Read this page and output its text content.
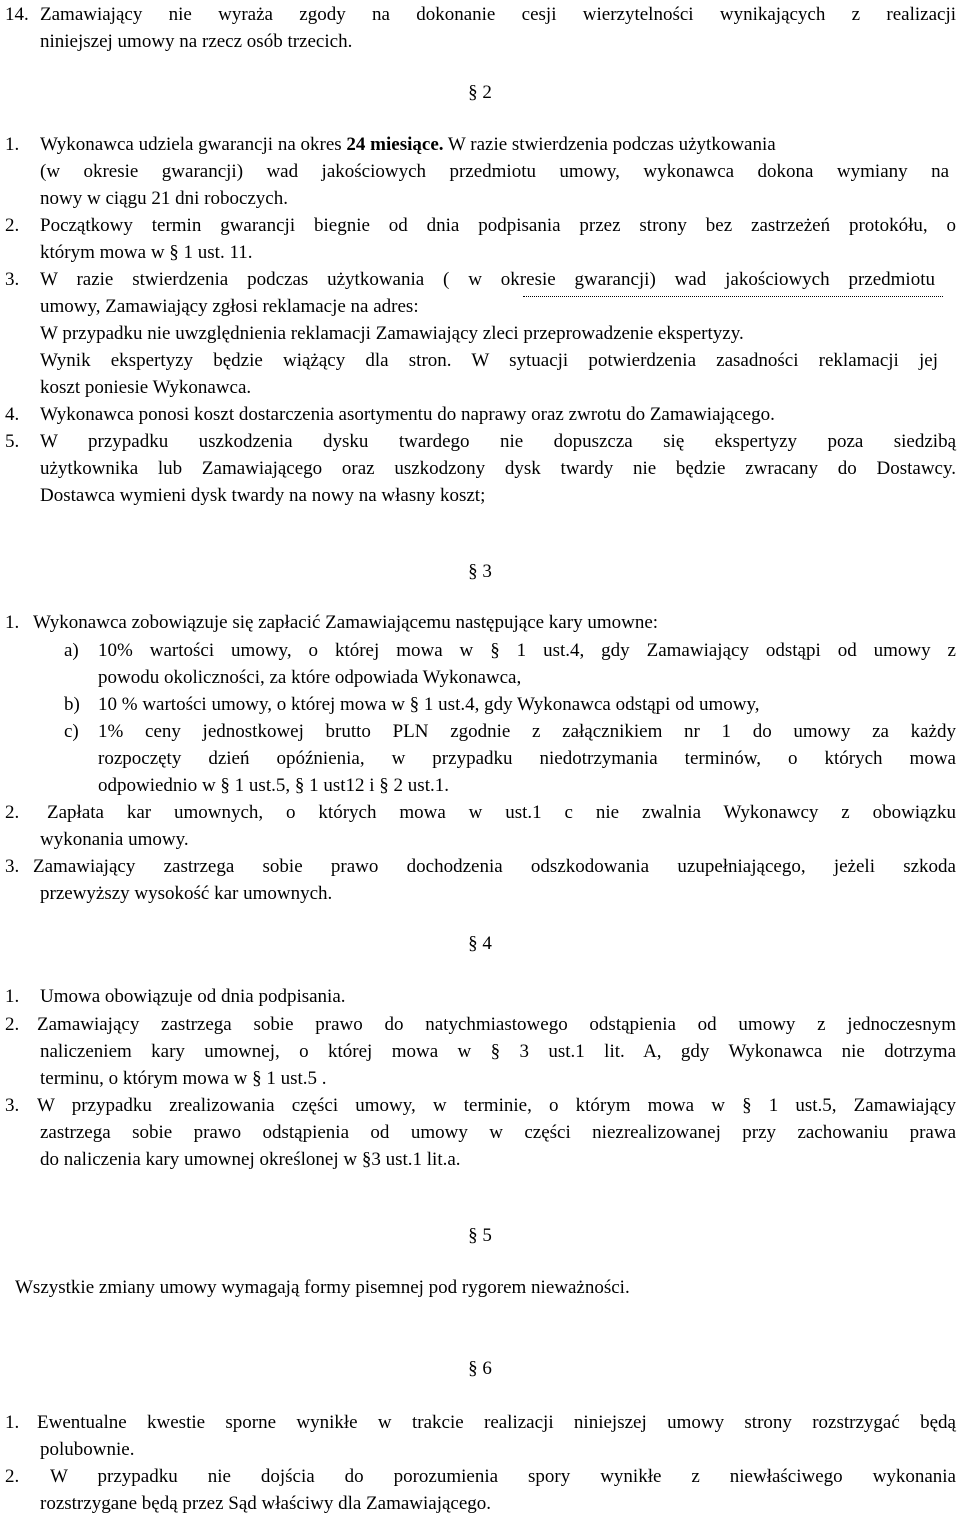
14. Zamawiający nie wyraża zgody na dokonanie cesji wierzytelności wynikających z realizacji
niniejszej umowy na rzecz osób trzecich.
§ 2
1. Wykonawca udziela gwarancji na okres 24 miesiące. W razie stwierdzenia podczas użytkowania
(w okresie gwarancji) wad jakościowych przedmiotu umowy, wykonawca dokona wymiany na
nowy w ciągu 21 dni roboczych.
2. Początkowy termin gwarancji biegnie od dnia podpisania przez strony bez zastrzeżeń protokółu, o
którym mowa w § 1 ust. 11.
3. W razie stwierdzenia podczas użytkowania ( w okresie gwarancji) wad jakościowych przedmiotu
umowy, Zamawiający zgłosi reklamacje na adres:
W przypadku nie uwzględnienia reklamacji Zamawiający zleci przeprowadzenie ekspertyzy.
Wynik ekspertyzy będzie wiążący dla stron. W sytuacji potwierdzenia zasadności reklamacji jej
koszt poniesie Wykonawca.
4. Wykonawca ponosi koszt dostarczenia asortymentu do naprawy oraz zwrotu do Zamawiającego.
5. W przypadku uszkodzenia dysku twardego nie dopuszcza się ekspertyzy poza siedzibą
użytkownika lub Zamawiającego oraz uszkodzony dysk twardy nie będzie zwracany do Dostawcy.
Dostawca wymieni dysk twardy na nowy na własny koszt;
§ 3
1. Wykonawca zobowiązuje się zapłacić Zamawiającemu następujące kary umowne:
a) 10% wartości umowy, o której mowa w § 1 ust.4, gdy Zamawiający odstąpi od umowy z
powodu okoliczności, za które odpowiada Wykonawca,
b) 10 % wartości umowy, o której mowa w § 1 ust.4, gdy Wykonawca odstąpi od umowy,
c) 1% ceny jednostkowej brutto PLN zgodnie z załącznikiem nr 1 do umowy za każdy
rozpoczęty dzień opóźnienia, w przypadku niedotrzymania terminów, o których mowa
odpowiednio w § 1 ust.5, § 1 ust12 i § 2 ust.1.
2. Zapłata kar umownych, o których mowa w ust.1 c nie zwalnia Wykonawcy z obowiązku
wykonania umowy.
3. Zamawiający zastrzega sobie prawo dochodzenia odszkodowania uzupełniającego, jeżeli szkoda
przewyższy wysokość kar umownych.
§ 4
1. Umowa obowiązuje od dnia podpisania.
2. Zamawiający zastrzega sobie prawo do natychmiastowego odstąpienia od umowy z jednoczesnym
naliczeniem kary umownej, o której mowa w § 3 ust.1 lit. A, gdy Wykonawca nie dotrzyma
terminu, o którym mowa w § 1 ust.5 .
3. W przypadku zrealizowania części umowy, w terminie, o którym mowa w § 1 ust.5, Zamawiający
zastrzega sobie prawo odstąpienia od umowy w części niezrealizowanej przy zachowaniu prawa
do naliczenia kary umownej określonej w §3 ust.1 lit.a.
§ 5
Wszystkie zmiany umowy wymagają formy pisemnej pod rygorem nieważności.
§ 6
1. Ewentualne kwestie sporne wynikłe w trakcie realizacji niniejszej umowy strony rozstrzygać będą
polubownie.
2. W przypadku nie dojścia do porozumienia spory wynikłe z niewłaściwego wykonania
rozstrzygane będą przez Sąd właściwy dla Zamawiającego.
